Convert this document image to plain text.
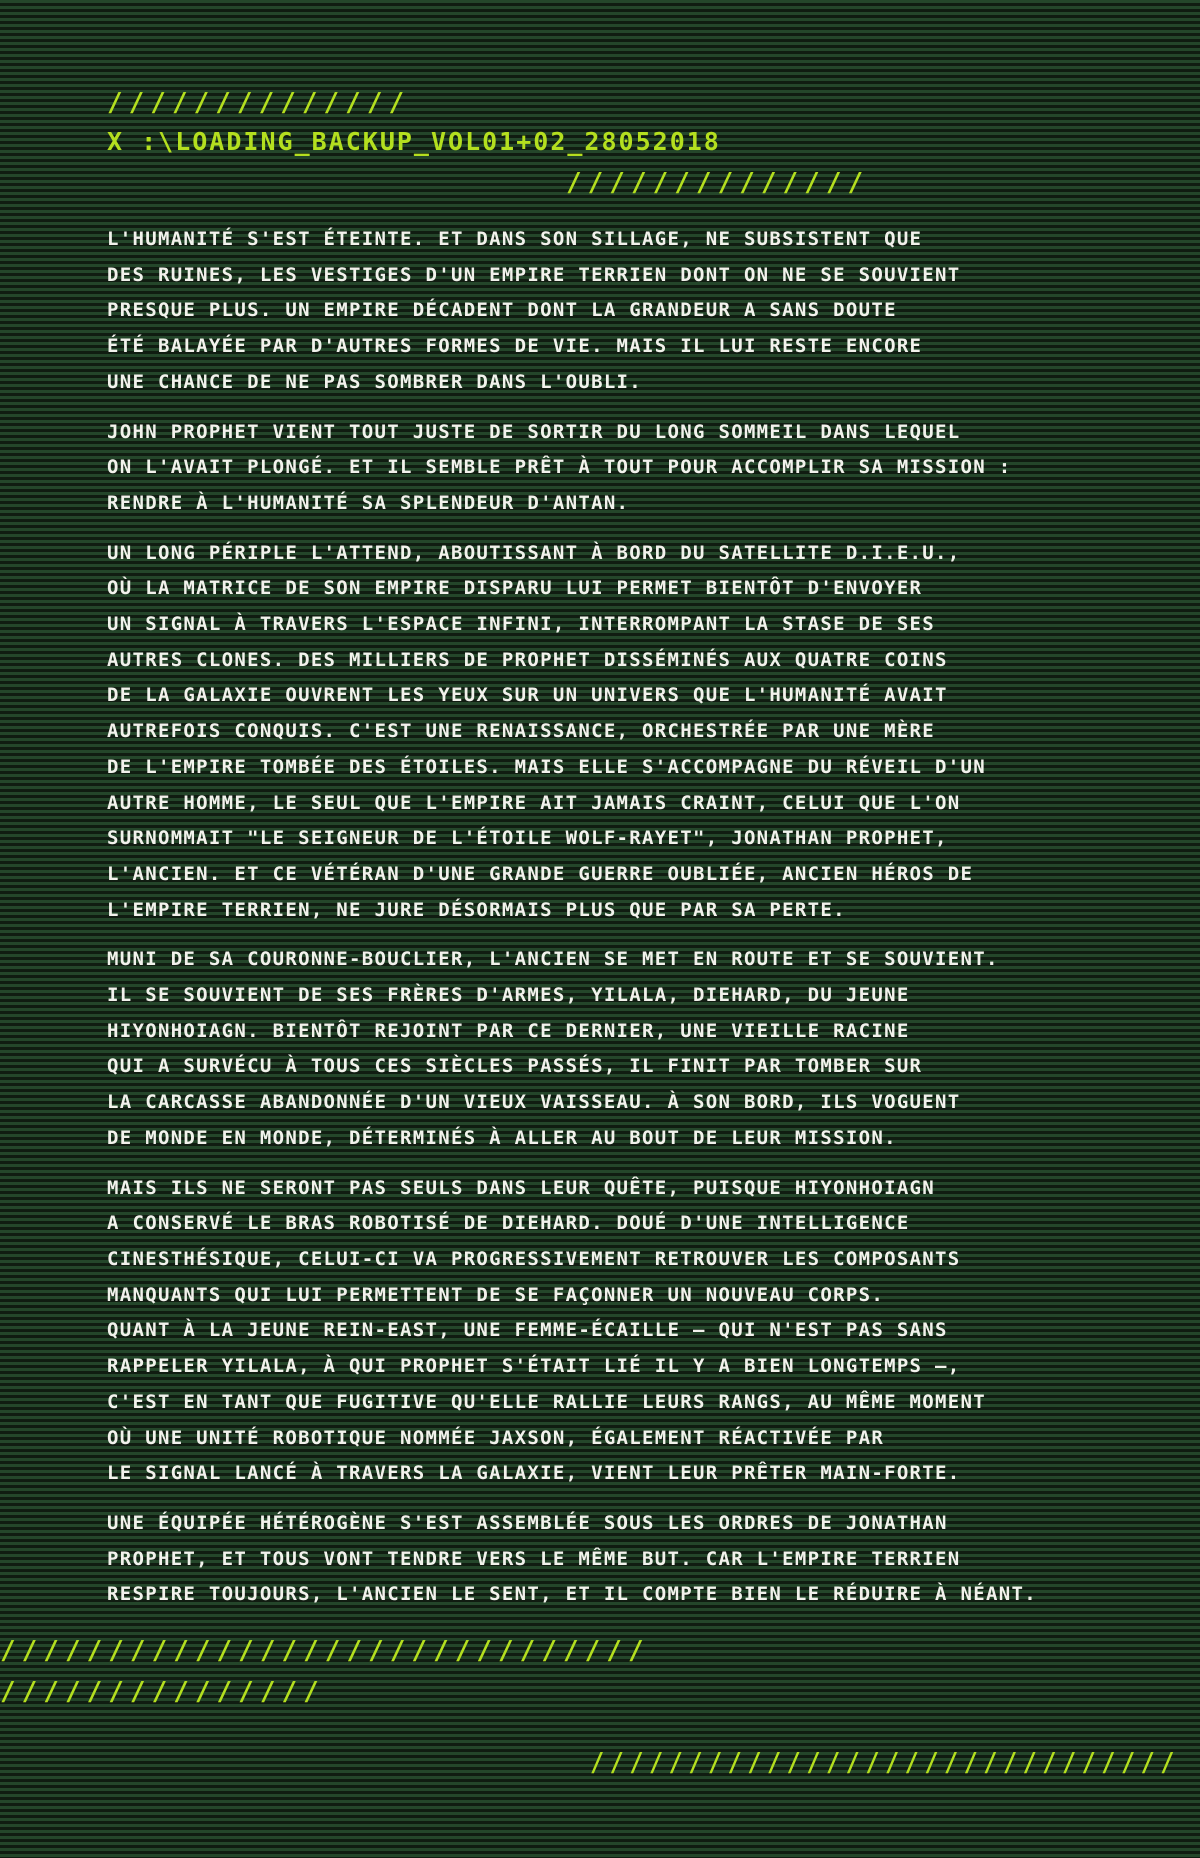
//////////////
X :\LOADING_BACKUP_VOL01+02_28052018
//////////////

L'HUMANITÉ S'EST ÉTEINTE. ET DANS SON SILLAGE, NE SUBSISTENT QUE
DES RUINES, LES VESTIGES D'UN EMPIRE TERRIEN DONT ON NE SE SOUVIENT
PRESQUE PLUS. UN EMPIRE DÉCADENT DONT LA GRANDEUR A SANS DOUTE
ÉTÉ BALAYÉE PAR D'AUTRES FORMES DE VIE. MAIS IL LUI RESTE ENCORE
UNE CHANCE DE NE PAS SOMBRER DANS L'OUBLI.

JOHN PROPHET VIENT TOUT JUSTE DE SORTIR DU LONG SOMMEIL DANS LEQUEL
ON L'AVAIT PLONGÉ. ET IL SEMBLE PRÊT À TOUT POUR ACCOMPLIR SA MISSION :
RENDRE À L'HUMANITÉ SA SPLENDEUR D'ANTAN.

UN LONG PÉRIPLE L'ATTEND, ABOUTISSANT À BORD DU SATELLITE D.I.E.U.,
OÙ LA MATRICE DE SON EMPIRE DISPARU LUI PERMET BIENTÔT D'ENVOYER
UN SIGNAL À TRAVERS L'ESPACE INFINI, INTERROMPANT LA STASE DE SES
AUTRES CLONES. DES MILLIERS DE PROPHET DISSÉMINÉS AUX QUATRE COINS
DE LA GALAXIE OUVRENT LES YEUX SUR UN UNIVERS QUE L'HUMANITÉ AVAIT
AUTREFOIS CONQUIS. C'EST UNE RENAISSANCE, ORCHESTRÉE PAR UNE MÈRE
DE L'EMPIRE TOMBÉE DES ÉTOILES. MAIS ELLE S'ACCOMPAGNE DU RÉVEIL D'UN
AUTRE HOMME, LE SEUL QUE L'EMPIRE AIT JAMAIS CRAINT, CELUI QUE L'ON
SURNOMMAIT "LE SEIGNEUR DE L'ÉTOILE WOLF-RAYET", JONATHAN PROPHET,
L'ANCIEN. ET CE VÉTÉRAN D'UNE GRANDE GUERRE OUBLIÉE, ANCIEN HÉROS DE
L'EMPIRE TERRIEN, NE JURE DÉSORMAIS PLUS QUE PAR SA PERTE.

MUNI DE SA COURONNE-BOUCLIER, L'ANCIEN SE MET EN ROUTE ET SE SOUVIENT.
IL SE SOUVIENT DE SES FRÈRES D'ARMES, YILALA, DIEHARD, DU JEUNE
HIYONHOIAGN. BIENTÔT REJOINT PAR CE DERNIER, UNE VIEILLE RACINE
QUI A SURVÉCU À TOUS CES SIÈCLES PASSÉS, IL FINIT PAR TOMBER SUR
LA CARCASSE ABANDONNÉE D'UN VIEUX VAISSEAU. À SON BORD, ILS VOGUENT
DE MONDE EN MONDE, DÉTERMINÉS À ALLER AU BOUT DE LEUR MISSION.

MAIS ILS NE SERONT PAS SEULS DANS LEUR QUÊTE, PUISQUE HIYONHOIAGN
A CONSERVÉ LE BRAS ROBOTISÉ DE DIEHARD. DOUÉ D'UNE INTELLIGENCE
CINESTHÉSIQUE, CELUI-CI VA PROGRESSIVEMENT RETROUVER LES COMPOSANTS
MANQUANTS QUI LUI PERMETTENT DE SE FAÇONNER UN NOUVEAU CORPS.
QUANT À LA JEUNE REIN-EAST, UNE FEMME-ÉCAILLE — QUI N'EST PAS SANS
RAPPELER YILALA, À QUI PROPHET S'ÉTAIT LIÉ IL Y A BIEN LONGTEMPS —,
C'EST EN TANT QUE FUGITIVE QU'ELLE RALLIE LEURS RANGS, AU MÊME MOMENT
OÙ UNE UNITÉ ROBOTIQUE NOMMÉE JAXSON, ÉGALEMENT RÉACTIVÉE PAR
LE SIGNAL LANCÉ À TRAVERS LA GALAXIE, VIENT LEUR PRÊTER MAIN-FORTE.

UNE ÉQUIPÉE HÉTÉROGÈNE S'EST ASSEMBLÉE SOUS LES ORDRES DE JONATHAN
PROPHET, ET TOUS VONT TENDRE VERS LE MÊME BUT. CAR L'EMPIRE TERRIEN
RESPIRE TOUJOURS, L'ANCIEN LE SENT, ET IL COMPTE BIEN LE RÉDUIRE À NÉANT.

//////////////////////////////
///////////////
//////////////////////////////
